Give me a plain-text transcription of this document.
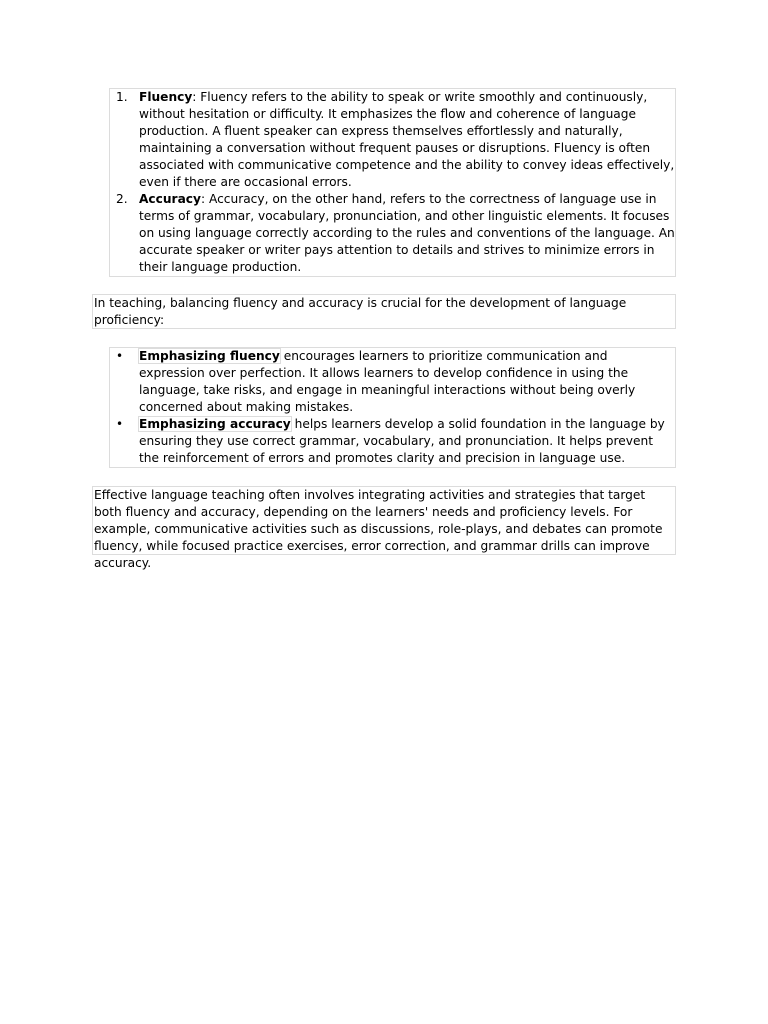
1. Fluency: Fluency refers to the ability to speak or write smoothly and continuously, without hesitation or difficulty. It emphasizes the flow and coherence of language production. A fluent speaker can express themselves effortlessly and naturally, maintaining a conversation without frequent pauses or disruptions. Fluency is often associated with communicative competence and the ability to convey ideas effectively, even if there are occasional errors.
2. Accuracy: Accuracy, on the other hand, refers to the correctness of language use in terms of grammar, vocabulary, pronunciation, and other linguistic elements. It focuses on using language correctly according to the rules and conventions of the language. An accurate speaker or writer pays attention to details and strives to minimize errors in their language production.

In teaching, balancing fluency and accuracy is crucial for the development of language proficiency:

• Emphasizing fluency encourages learners to prioritize communication and expression over perfection. It allows learners to develop confidence in using the language, take risks, and engage in meaningful interactions without being overly concerned about making mistakes.
• Emphasizing accuracy helps learners develop a solid foundation in the language by ensuring they use correct grammar, vocabulary, and pronunciation. It helps prevent the reinforcement of errors and promotes clarity and precision in language use.

Effective language teaching often involves integrating activities and strategies that target both fluency and accuracy, depending on the learners' needs and proficiency levels. For example, communicative activities such as discussions, role-plays, and debates can promote fluency, while focused practice exercises, error correction, and grammar drills can improve accuracy.
